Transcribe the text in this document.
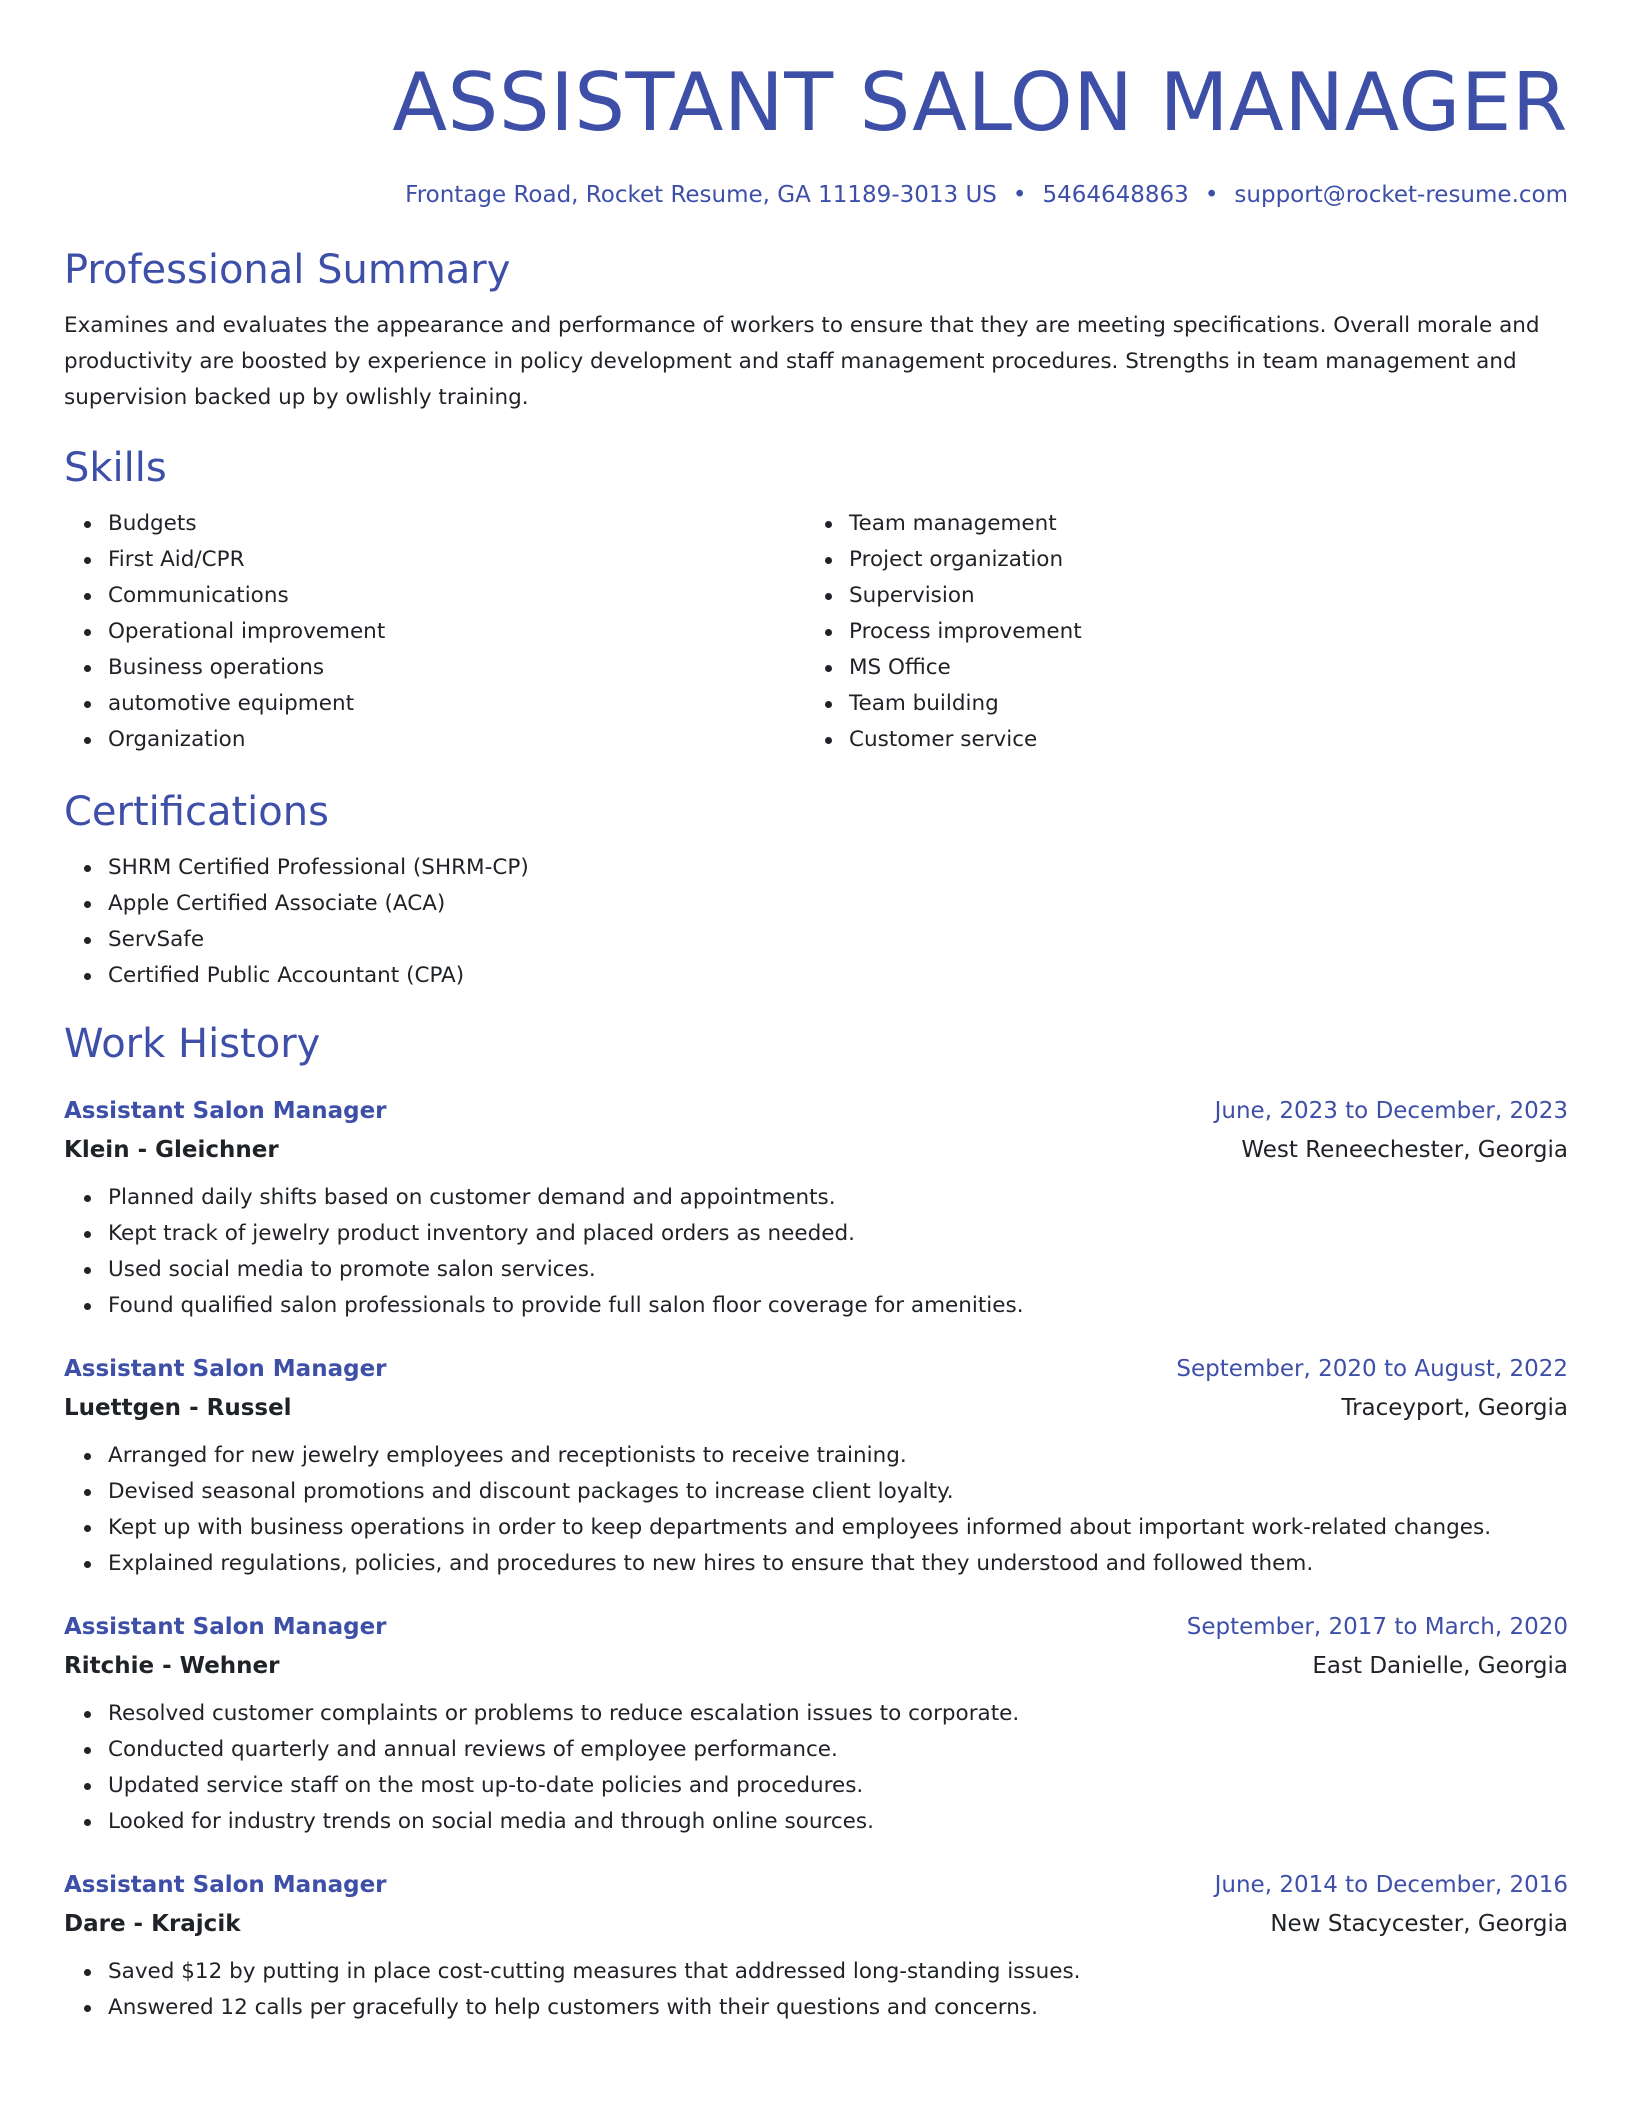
ASSISTANT SALON MANAGER
Frontage Road, Rocket Resume, GA 11189-3013 US • 5464648863 • support@rocket-resume.com
Professional Summary

Examines and evaluates the appearance and performance of workers to ensure that they are meeting specifications. Overall morale and productivity are boosted by experience in policy development and staff management procedures. Strengths in team management and supervision backed up by owlishly training.

Skills
Budgets
First Aid/CPR
Communications
Operational improvement
Business operations
automotive equipment
Organization
Team management
Project organization
Supervision
Process improvement
MS Office
Team building
Customer service
Certifications
SHRM Certified Professional (SHRM-CP)
Apple Certified Associate (ACA)
ServSafe
Certified Public Accountant (CPA)
Work History
Assistant Salon Manager	June, 2023 to December, 2023
Klein - Gleichner	West Reneechester, Georgia
Planned daily shifts based on customer demand and appointments.
Kept track of jewelry product inventory and placed orders as needed.
Used social media to promote salon services.
Found qualified salon professionals to provide full salon floor coverage for amenities.
Assistant Salon Manager	September, 2020 to August, 2022
Luettgen - Russel	Traceyport, Georgia
Arranged for new jewelry employees and receptionists to receive training.
Devised seasonal promotions and discount packages to increase client loyalty.
Kept up with business operations in order to keep departments and employees informed about important work-related changes.
Explained regulations, policies, and procedures to new hires to ensure that they understood and followed them.
Assistant Salon Manager	September, 2017 to March, 2020
Ritchie - Wehner	East Danielle, Georgia
Resolved customer complaints or problems to reduce escalation issues to corporate.
Conducted quarterly and annual reviews of employee performance.
Updated service staff on the most up-to-date policies and procedures.
Looked for industry trends on social media and through online sources.
Assistant Salon Manager	June, 2014 to December, 2016
Dare - Krajcik	New Stacycester, Georgia
Saved $12 by putting in place cost-cutting measures that addressed long-standing issues.
Answered 12 calls per gracefully to help customers with their questions and concerns.
